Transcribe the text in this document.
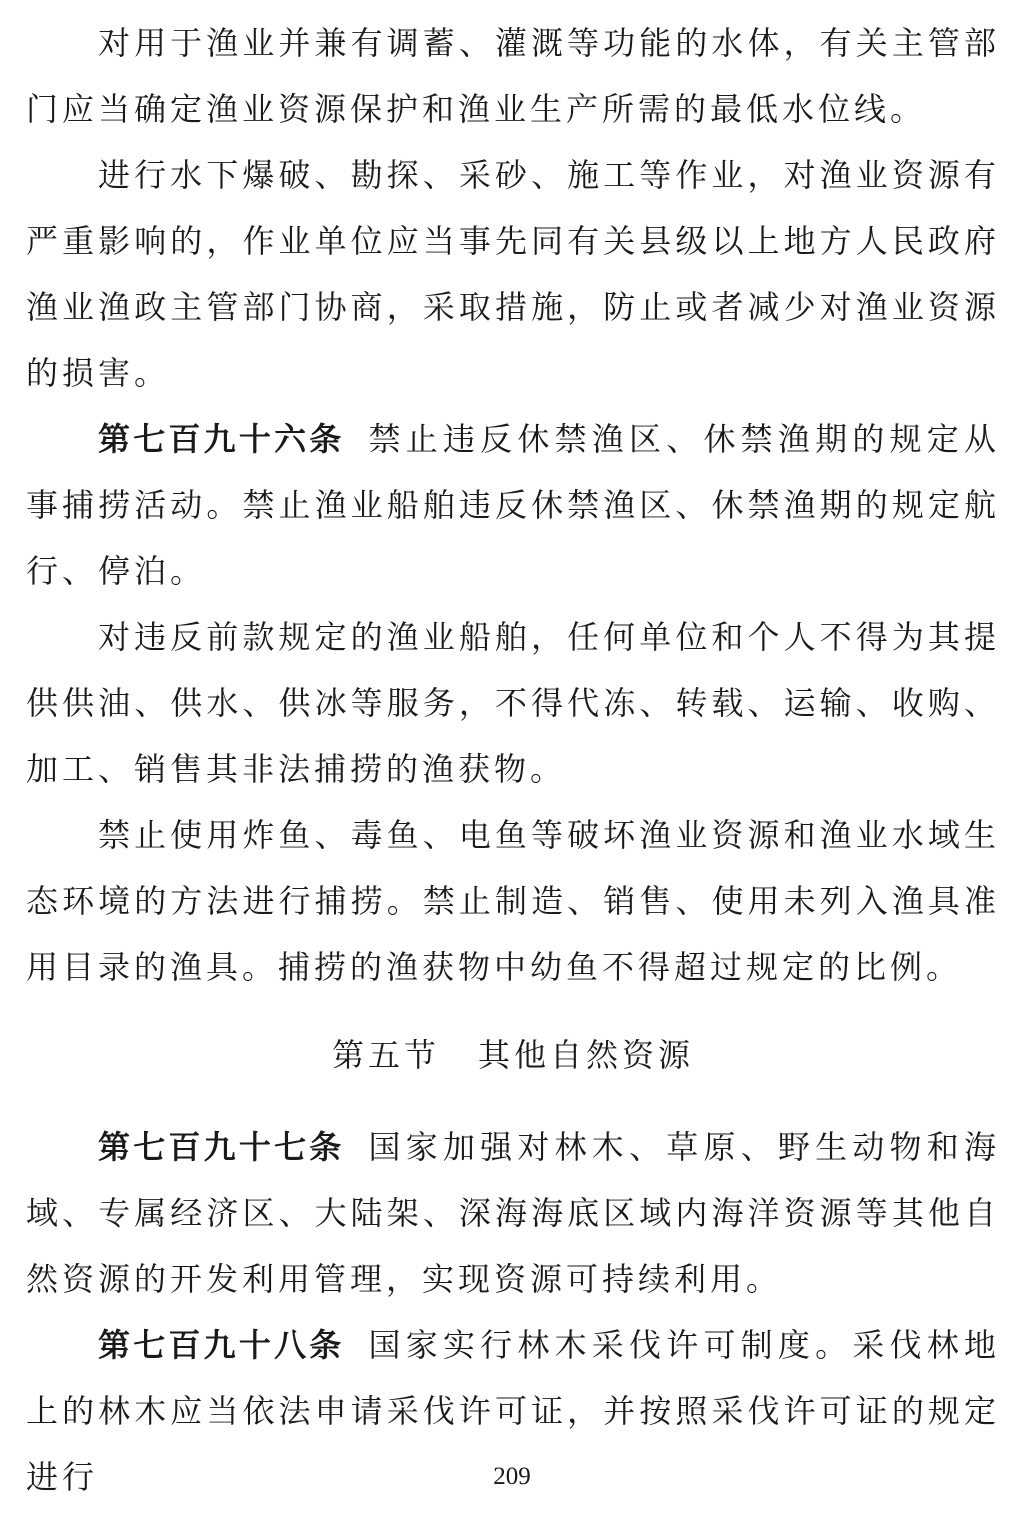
对用于渔业并兼有调蓄、灌溉等功能的水体，有关主管部门应当确定渔业资源保护和渔业生产所需的最低水位线。

进行水下爆破、勘探、采砂、施工等作业，对渔业资源有严重影响的，作业单位应当事先同有关县级以上地方人民政府渔业渔政主管部门协商，采取措施，防止或者减少对渔业资源的损害。

第七百九十六条 禁止违反休禁渔区、休禁渔期的规定从事捕捞活动。禁止渔业船舶违反休禁渔区、休禁渔期的规定航行、停泊。

对违反前款规定的渔业船舶，任何单位和个人不得为其提供供油、供水、供冰等服务，不得代冻、转载、运输、收购、加工、销售其非法捕捞的渔获物。

禁止使用炸鱼、毒鱼、电鱼等破坏渔业资源和渔业水域生态环境的方法进行捕捞。禁止制造、销售、使用未列入渔具准用目录的渔具。捕捞的渔获物中幼鱼不得超过规定的比例。

第五节 其他自然资源

第七百九十七条 国家加强对林木、草原、野生动物和海域、专属经济区、大陆架、深海海底区域内海洋资源等其他自然资源的开发利用管理，实现资源可持续利用。

第七百九十八条 国家实行林木采伐许可制度。采伐林地上的林木应当依法申请采伐许可证，并按照采伐许可证的规定进行	209
